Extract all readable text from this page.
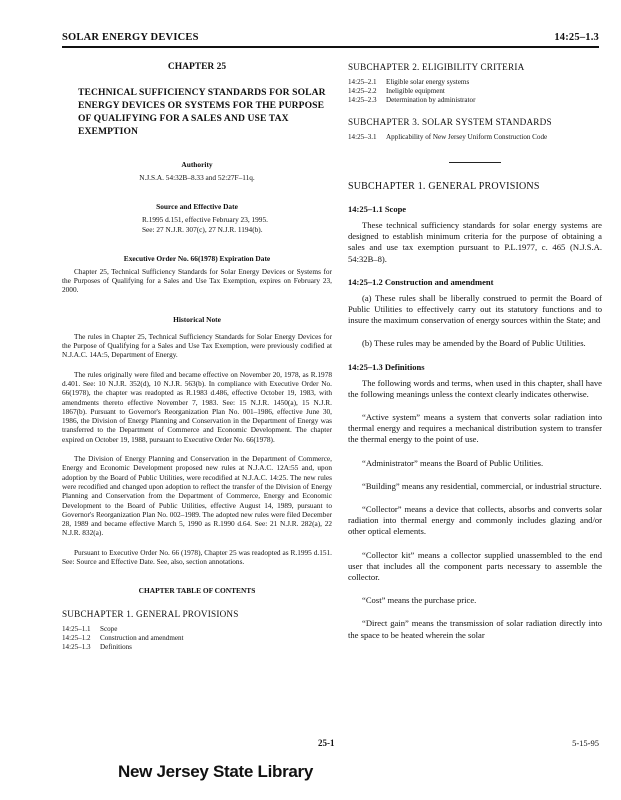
SOLAR ENERGY DEVICES	14:25–1.3
CHAPTER 25
TECHNICAL SUFFICIENCY STANDARDS FOR SOLAR ENERGY DEVICES OR SYSTEMS FOR THE PURPOSE OF QUALIFYING FOR A SALES AND USE TAX EXEMPTION
Authority
N.J.S.A. 54:32B–8.33 and 52:27F–11q.
Source and Effective Date
R.1995 d.151, effective February 23, 1995.
See: 27 N.J.R. 307(c), 27 N.J.R. 1194(b).
Executive Order No. 66(1978) Expiration Date

Chapter 25, Technical Sufficiency Standards for Solar Energy Devices or Systems for the Purposes of Qualifying for a Sales and Use Tax Exemption, expires on February 23, 2000.

Historical Note

The rules in Chapter 25, Technical Sufficiency Standards for Solar Energy Devices for the Purpose of Qualifying for a Sales and Use Tax Exemption, were previously codified at N.J.A.C. 14A:5, Department of Energy.

The rules originally were filed and became effective on November 20, 1978, as R.1978 d.401. See: 10 N.J.R. 352(d), 10 N.J.R. 563(b). In compliance with Executive Order No. 66(1978), the chapter was readopted as R.1983 d.486, effective October 19, 1983, with amendments thereto effective November 7, 1983. See: 15 N.J.R. 1450(a), 15 N.J.R. 1867(b). Pursuant to Governor's Reorganization Plan No. 001–1986, effective June 30, 1986, the Division of Energy Planning and Conservation in the Department of Energy was transferred to the Department of Commerce and Economic Development. The chapter expired on October 19, 1988, pursuant to Executive Order No. 66(1978).

The Division of Energy Planning and Conservation in the Department of Commerce, Energy and Economic Development proposed new rules at N.J.A.C. 12A:55 and, upon adoption by the Board of Public Utilities, were recodified at N.J.A.C. 14:25. The new rules were recodified and changed upon adoption to reflect the transfer of the Division of Energy Planning and Conservation from the Department of Commerce, Energy and Economic Development to the Board of Public Utilities, effective August 14, 1989, pursuant to Governor's Reorganization Plan No. 002–1989. The adopted new rules were filed December 28, 1989 and became effective March 5, 1990 as R.1990 d.64. See: 21 N.J.R. 282(a), 22 N.J.R. 832(a).

Pursuant to Executive Order No. 66 (1978), Chapter 25 was readopted as R.1995 d.151. See: Source and Effective Date. See, also, section annotations.

CHAPTER TABLE OF CONTENTS
SUBCHAPTER 1. GENERAL PROVISIONS
14:25–1.1	Scope
14:25–1.2	Construction and amendment
14:25–1.3	Definitions
SUBCHAPTER 2. ELIGIBILITY CRITERIA
14:25–2.1	Eligible solar energy systems
14:25–2.2	Ineligible equipment
14:25–2.3	Determination by administrator
SUBCHAPTER 3. SOLAR SYSTEM STANDARDS
14:25–3.1	Applicability of New Jersey Uniform Construction Code
SUBCHAPTER 1. GENERAL PROVISIONS
14:25–1.1 Scope

These technical sufficiency standards for solar energy systems are designed to establish minimum criteria for the purpose of obtaining a sales and use tax exemption pursuant to P.L.1977, c. 465 (N.J.S.A. 54:32B–8).

14:25–1.2 Construction and amendment

(a) These rules shall be liberally construed to permit the Board of Public Utilities to effectively carry out its statutory functions and to insure the maximum conservation of energy sources within the State; and

(b) These rules may be amended by the Board of Public Utilities.

14:25–1.3 Definitions

The following words and terms, when used in this chapter, shall have the following meanings unless the context clearly indicates otherwise.

“Active system” means a system that converts solar radiation into thermal energy and requires a mechanical distribution system to transfer the thermal energy to the point of use.

“Administrator” means the Board of Public Utilities.

“Building” means any residential, commercial, or industrial structure.

“Collector” means a device that collects, absorbs and converts solar radiation into thermal energy and commonly includes glazing and/or other optical elements.

“Collector kit” means a collector supplied unassembled to the end user that includes all the component parts necessary to assemble the collector.

“Cost” means the purchase price.

“Direct gain” means the transmission of solar radiation directly into the space to be heated wherein the solar

25-1	5-15-95
New Jersey State Library
